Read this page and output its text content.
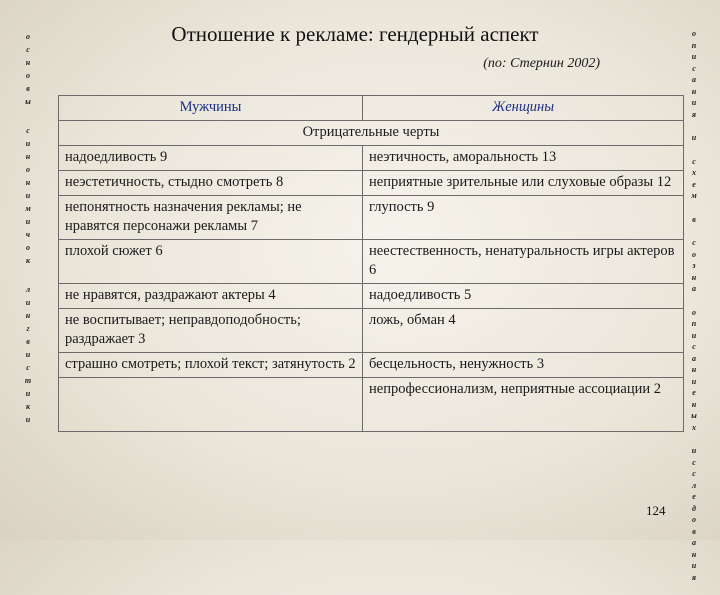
Отношение к рекламе: гендерный аспект
(по: Стернин 2002)
о
с
н
о
в
ы
с
и
н
о
н
и
м
и
ч
о
к
л
и
н
г
в
и
с
т
и
к
и
о
п
и
с
а
н
и
я
и
с
х
е
м
в
с
о
з
н
а
о
п
и
с
а
н
и
е
н
ы
х
и
с
с
л
е
д
о
в
а
н
и
я
Мужчины	Женщины
Отрицательные черты	
надоедливость 9	неэтичность, аморальность 13
неэстетичность, стыдно смотреть 8	неприятные зрительные или слуховые образы 12
непонятность назначения рекламы; не нравятся персонажи рекламы 7	глупость 9
плохой сюжет 6	неестественность, ненатуральность игры актеров 6
не нравятся, раздражают актеры 4	надоедливость 5
не воспитывает; неправдоподобность; раздражает 3	ложь, обман 4
страшно смотреть; плохой текст; затянутость 2	бесцельность, ненужность 3
	непрофессионализм, неприятные ассоциации 2
124
